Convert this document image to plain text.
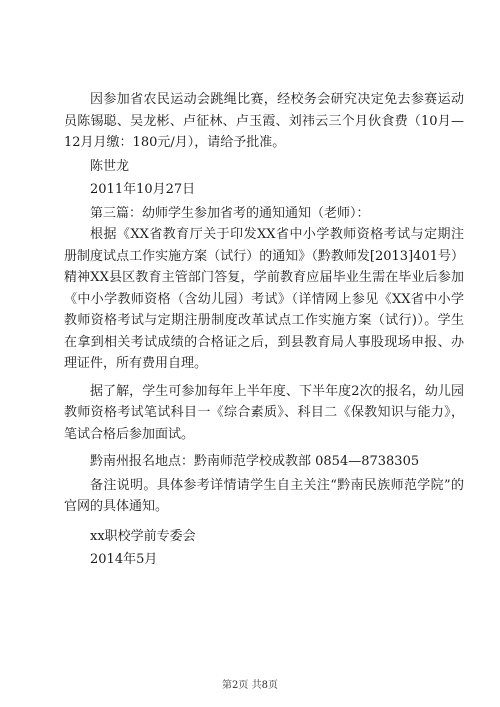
因参加省农民运动会跳绳比赛，经校务会研究决定免去参赛运动员陈锡聪、吴龙彬、卢征林、卢玉霞、刘祎云三个月伙食费（10月—12月月缴：180元/月），请给予批准。

陈世龙

2011年10月27日

第三篇：幼师学生参加省考的通知通知（老师）：

根据《XX省教育厅关于印发XX省中小学教师资格考试与定期注册制度试点工作实施方案（试行）的通知》（黔教师发[2013]401号）精神XX县区教育主管部门答复，学前教育应届毕业生需在毕业后参加《中小学教师资格（含幼儿园）考试》（详情网上参见《XX省中小学教师资格考试与定期注册制度改革试点工作实施方案（试行)）。学生在拿到相关考试成绩的合格证之后，到县教育局人事股现场申报、办理证件，所有费用自理。

据了解，学生可参加每年上半年度、下半年度2次的报名，幼儿园教师资格考试笔试科目一《综合素质》、科目二《保教知识与能力》，笔试合格后参加面试。

黔南州报名地点：黔南师范学校成教部 0854—8738305

备注说明。具体参考详情请学生自主关注“黔南民族师范学院”的官网的具体通知。

xx职校学前专委会

2014年5月

第2页 共8页
